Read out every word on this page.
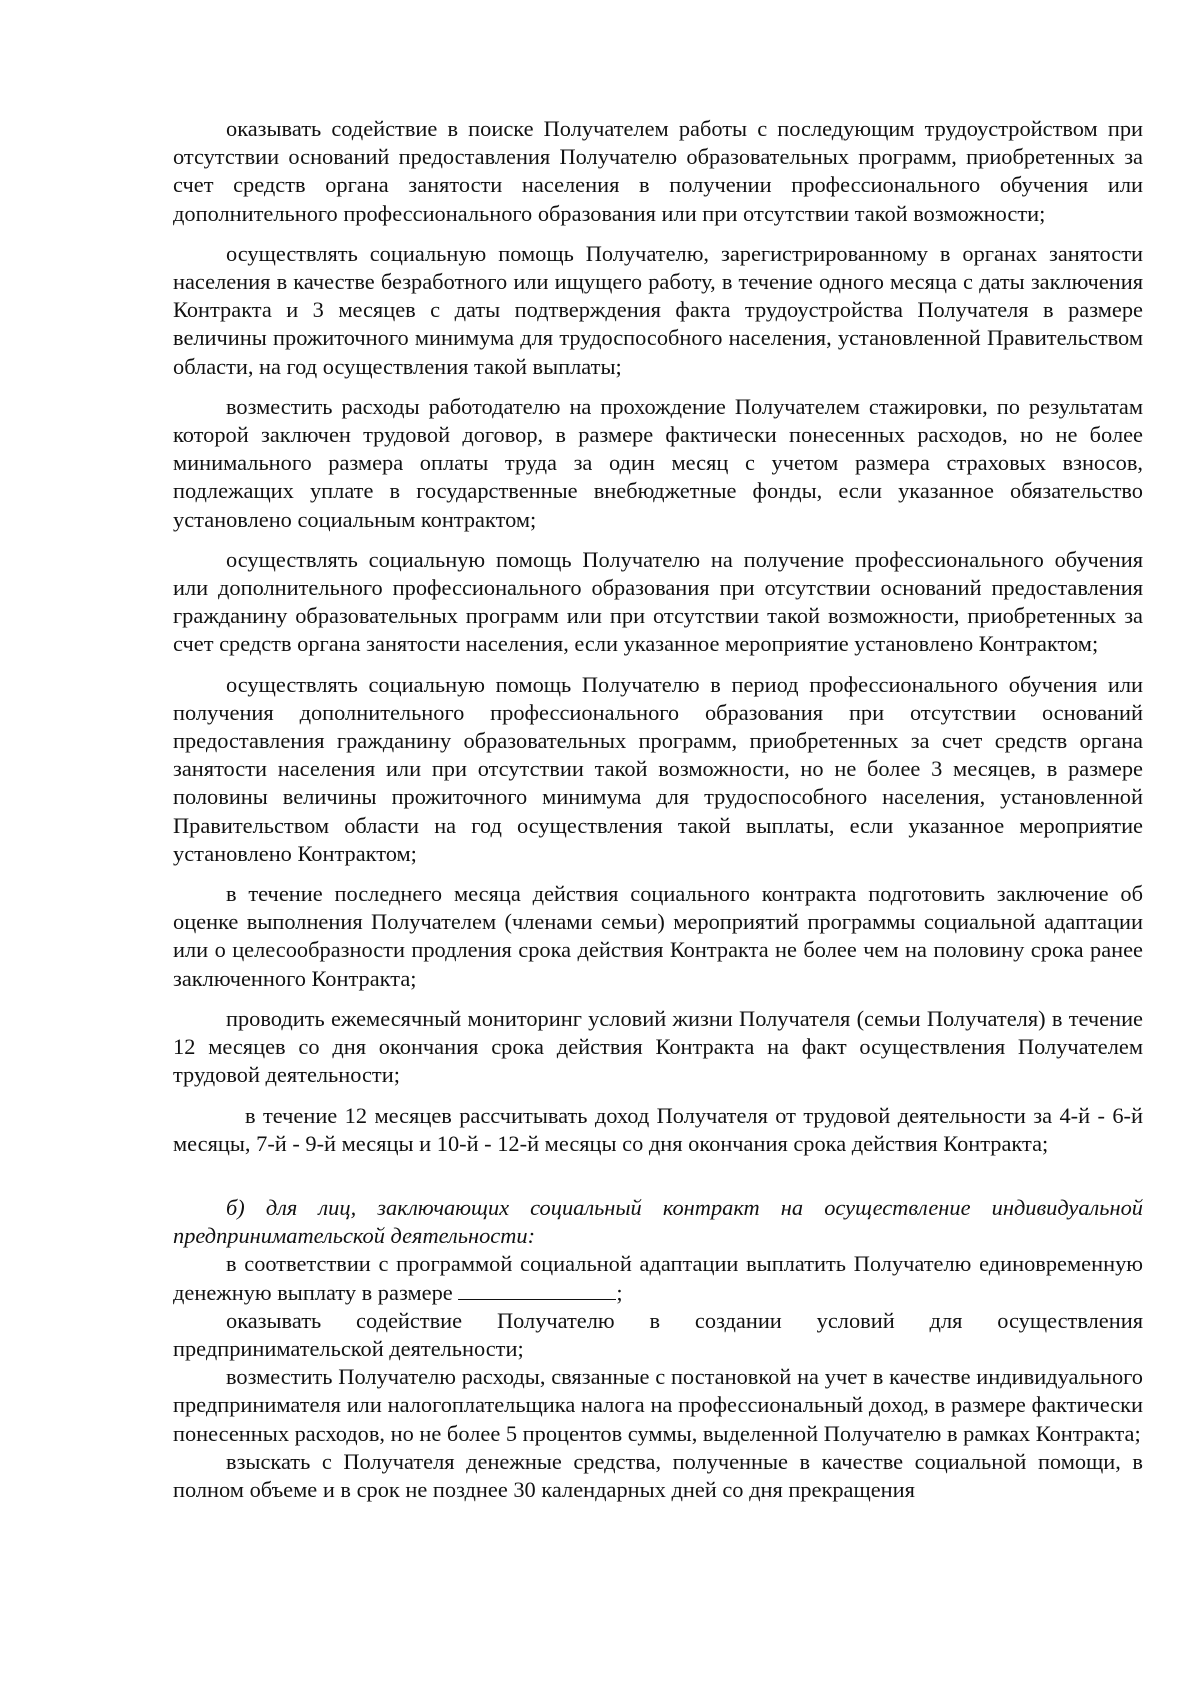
оказывать содействие в поиске Получателем работы с последующим трудоустройством при отсутствии оснований предоставления Получателю образовательных программ, приобретенных за счет средств органа занятости населения в получении профессионального обучения или дополнительного профессионального образования или при отсутствии такой возможности;

осуществлять социальную помощь Получателю, зарегистрированному в органах занятости населения в качестве безработного или ищущего работу, в течение одного месяца с даты заключения Контракта и 3 месяцев с даты подтверждения факта трудоустройства Получателя в размере величины прожиточного минимума для трудоспособного населения, установленной Правительством области, на год осуществления такой выплаты;

возместить расходы работодателю на прохождение Получателем стажировки, по результатам которой заключен трудовой договор, в размере фактически понесенных расходов, но не более минимального размера оплаты труда за один месяц с учетом размера страховых взносов, подлежащих уплате в государственные внебюджетные фонды, если указанное обязательство установлено социальным контрактом;

осуществлять социальную помощь Получателю на получение профессионального обучения или дополнительного профессионального образования при отсутствии оснований предоставления гражданину образовательных программ или при отсутствии такой возможности, приобретенных за счет средств органа занятости населения, если указанное мероприятие установлено Контрактом;

осуществлять социальную помощь Получателю в период профессионального обучения или получения дополнительного профессионального образования при отсутствии оснований предоставления гражданину образовательных программ, приобретенных за счет средств органа занятости населения или при отсутствии такой возможности, но не более 3 месяцев, в размере половины величины прожиточного минимума для трудоспособного населения, установленной Правительством области на год осуществления такой выплаты, если указанное мероприятие установлено Контрактом;

в течение последнего месяца действия социального контракта подготовить заключение об оценке выполнения Получателем (членами семьи) мероприятий программы социальной адаптации или о целесообразности продления срока действия Контракта не более чем на половину срока ранее заключенного Контракта;

проводить ежемесячный мониторинг условий жизни Получателя (семьи Получателя) в течение 12 месяцев со дня окончания срока действия Контракта на факт осуществления Получателем трудовой деятельности;

в течение 12 месяцев рассчитывать доход Получателя от трудовой деятельности за 4-й - 6-й месяцы, 7-й - 9-й месяцы и 10-й - 12-й месяцы со дня окончания срока действия Контракта;

б) для лиц, заключающих социальный контракт на осуществление индивидуальной предпринимательской деятельности:

в соответствии с программой социальной адаптации выплатить Получателю единовременную денежную выплату в размере	;

оказывать содействие Получателю в создании условий для осуществления предпринимательской деятельности;

возместить Получателю расходы, связанные с постановкой на учет в качестве индивидуального предпринимателя или налогоплательщика налога на профессиональный доход, в размере фактически понесенных расходов, но не более 5 процентов суммы, выделенной Получателю в рамках Контракта;

взыскать с Получателя денежные средства, полученные в качестве социальной помощи, в полном объеме и в срок не позднее 30 календарных дней со дня прекращения
